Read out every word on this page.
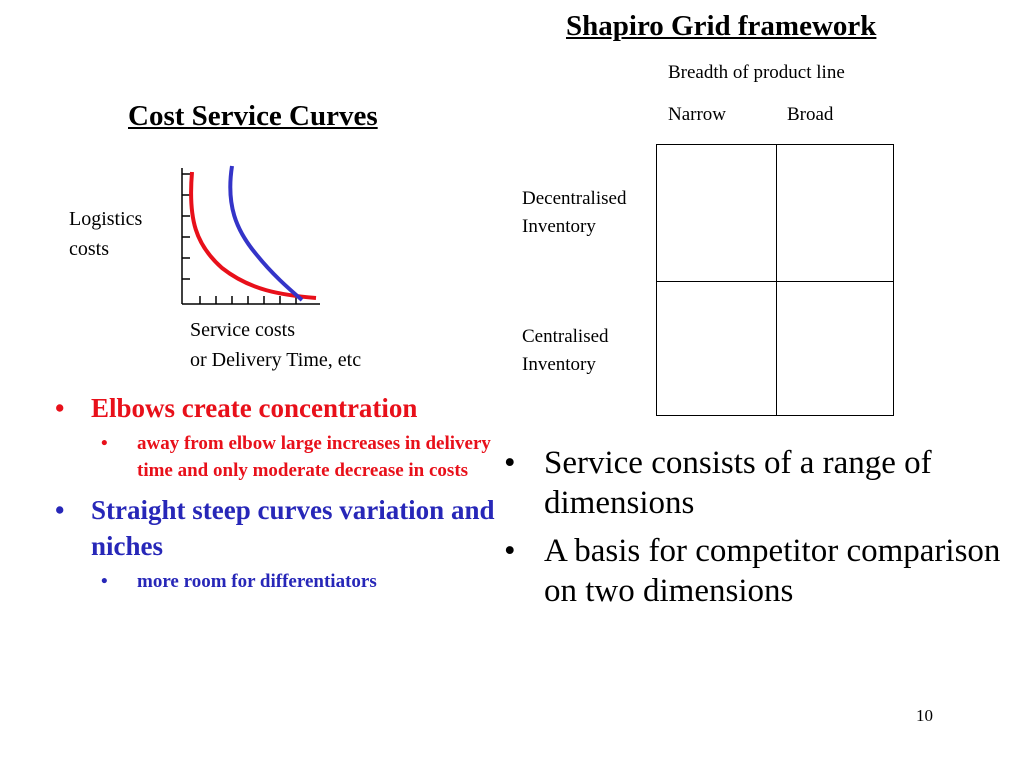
Shapiro Grid framework
Cost Service Curves
Breadth of product line
Narrow	Broad
Decentralised
Inventory
Centralised
Inventory
Logistics
costs
Service costs
or Delivery Time, etc
• Elbows create concentration
• away from elbow large increases in delivery time and only moderate decrease in costs
• Straight steep curves variation and niches
• more room for differentiators
• Service consists of a range of dimensions
• A basis for competitor comparison on two dimensions
10
